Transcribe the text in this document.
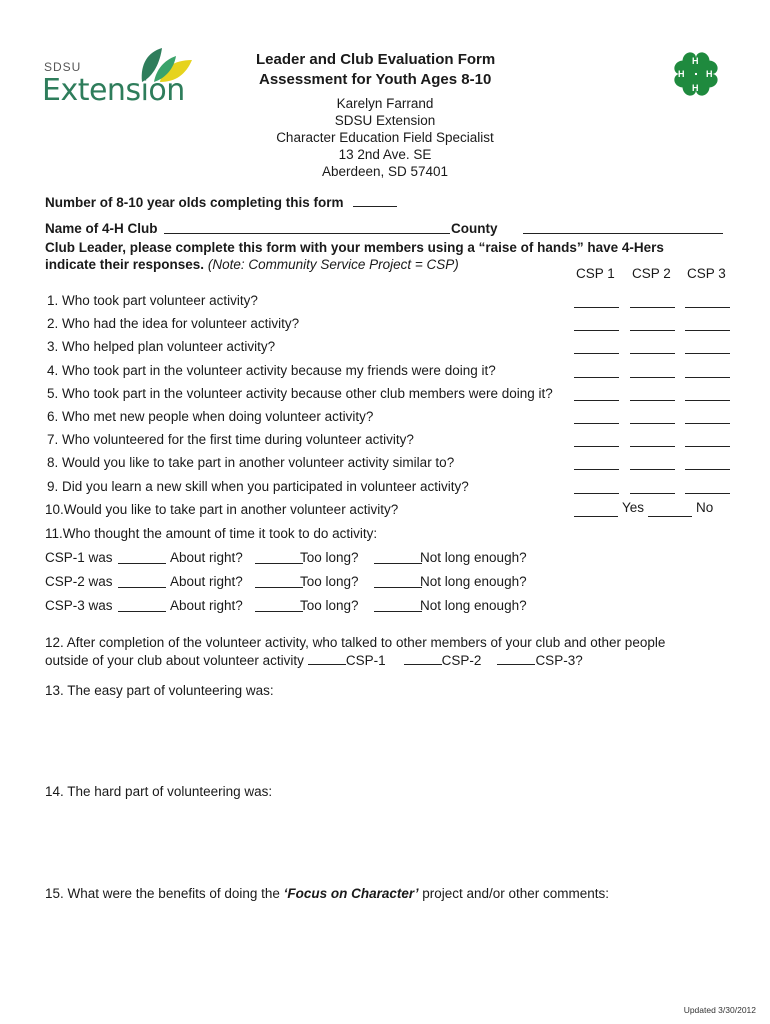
SDSU
Extension
Leader and Club Evaluation Form
Assessment for Youth Ages 8-10
Karelyn Farrand
SDSU Extension
Character Education Field Specialist
13 2nd Ave. SE
Aberdeen, SD 57401
H
H
H
H
Number of 8-10 year olds completing this form
Name of 4-H Club	County
Club Leader, please complete this form with your members using a “raise of hands” have 4-Hers indicate their responses. (Note: Community Service Project = CSP)
CSP 1 CSP 2 CSP 3
1. Who took part volunteer activity?
2. Who had the idea for volunteer activity?
3. Who helped plan volunteer activity?
4. Who took part in the volunteer activity because my friends were doing it?
5. Who took part in the volunteer activity because other club members were doing it?
6. Who met new people when doing volunteer activity?
7. Who volunteered for the first time during volunteer activity?
8. Would you like to take part in another volunteer activity similar to?
9. Did you learn a new skill when you participated in volunteer activity?
10.Would you like to take part in another volunteer activity?	Yes	No
11.Who thought the amount of time it took to do activity:
CSP-1 was	About right?	Too long?	Not long enough?
CSP-2 was	About right?	Too long?	Not long enough?
CSP-3 was	About right?	Too long?	Not long enough?
12. After completion of the volunteer activity, who talked to other members of your club and other people
outside of your club about volunteer activity	CSP-1	CSP-2	CSP-3?
13. The easy part of volunteering was:
14. The hard part of volunteering was:
15. What were the benefits of doing the ‘Focus on Character’ project and/or other comments:
Updated 3/30/2012
